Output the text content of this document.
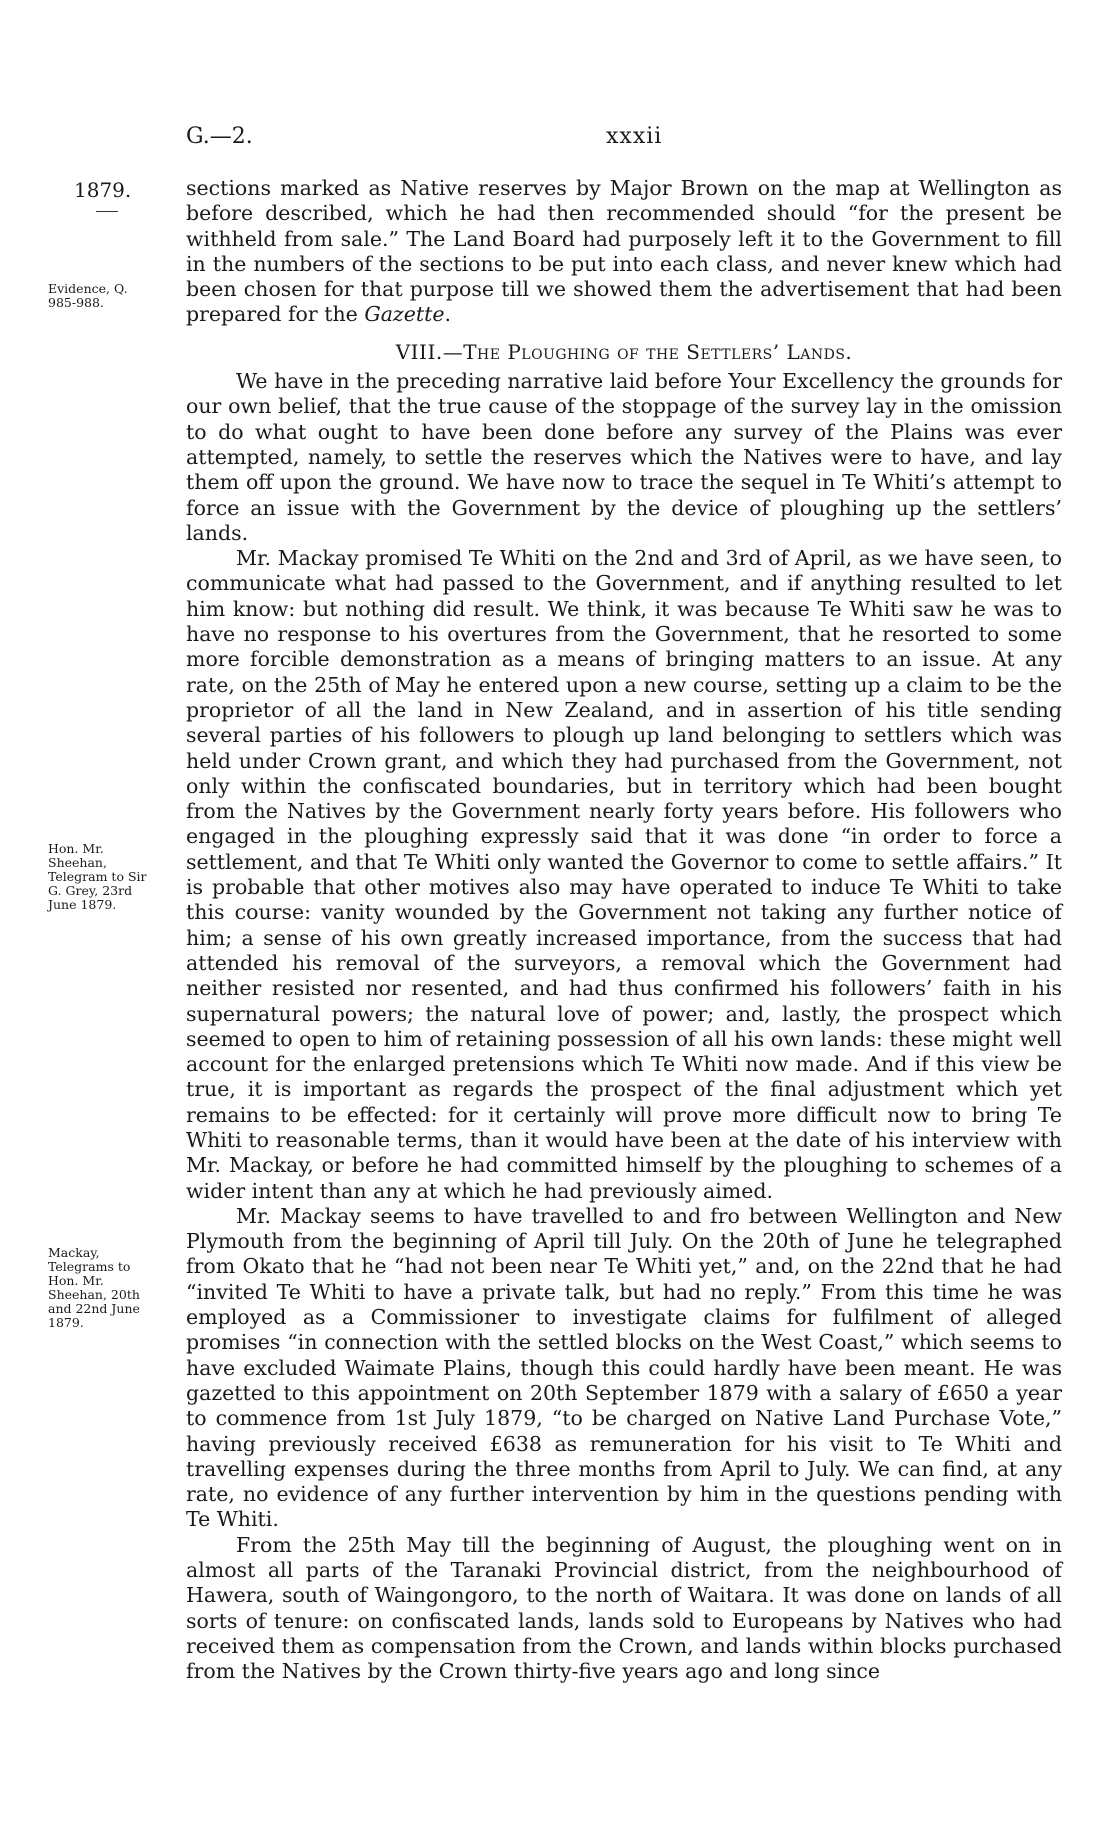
G.—2.	xxxii
1879.
Evidence, Q. 985-988.
Hon. Mr. Sheehan, Telegram to Sir G. Grey, 23rd June 1879.
Mackay, Telegrams to Hon. Mr. Sheehan, 20th and 22nd June 1879.

sections marked as Native reserves by Major Brown on the map at Wellington as before described, which he had then recommended should “for the present be withheld from sale.” The Land Board had purposely left it to the Government to fill in the numbers of the sections to be put into each class, and never knew which had been chosen for that purpose till we showed them the advertisement that had been prepared for the Gazette.

VIII.—The Ploughing of the Settlers’ Lands.

We have in the preceding narrative laid before Your Excellency the grounds for our own belief, that the true cause of the stoppage of the survey lay in the omission to do what ought to have been done before any survey of the Plains was ever attempted, namely, to settle the reserves which the Natives were to have, and lay them off upon the ground. We have now to trace the sequel in Te Whiti’s attempt to force an issue with the Government by the device of ploughing up the settlers’ lands.

Mr. Mackay promised Te Whiti on the 2nd and 3rd of April, as we have seen, to communicate what had passed to the Government, and if anything resulted to let him know: but nothing did result. We think, it was because Te Whiti saw he was to have no response to his overtures from the Government, that he resorted to some more forcible demonstration as a means of bringing matters to an issue. At any rate, on the 25th of May he entered upon a new course, setting up a claim to be the proprietor of all the land in New Zealand, and in assertion of his title sending several parties of his followers to plough up land belonging to settlers which was held under Crown grant, and which they had purchased from the Government, not only within the confiscated boundaries, but in territory which had been bought from the Natives by the Government nearly forty years before. His followers who engaged in the ploughing expressly said that it was done “in order to force a settlement, and that Te Whiti only wanted the Governor to come to settle affairs.” It is probable that other motives also may have operated to induce Te Whiti to take this course: vanity wounded by the Government not taking any further notice of him; a sense of his own greatly increased importance, from the success that had attended his removal of the surveyors, a removal which the Government had neither resisted nor resented, and had thus confirmed his followers’ faith in his supernatural powers; the natural love of power; and, lastly, the prospect which seemed to open to him of retaining possession of all his own lands: these might well account for the enlarged pretensions which Te Whiti now made. And if this view be true, it is important as regards the prospect of the final adjustment which yet remains to be effected: for it certainly will prove more difficult now to bring Te Whiti to reasonable terms, than it would have been at the date of his interview with Mr. Mackay, or before he had committed himself by the ploughing to schemes of a wider intent than any at which he had previously aimed.

Mr. Mackay seems to have travelled to and fro between Wellington and New Plymouth from the beginning of April till July. On the 20th of June he telegraphed from Okato that he “had not been near Te Whiti yet,” and, on the 22nd that he had “invited Te Whiti to have a private talk, but had no reply.” From this time he was employed as a Commissioner to investigate claims for fulfilment of alleged promises “in connection with the settled blocks on the West Coast,” which seems to have excluded Waimate Plains, though this could hardly have been meant. He was gazetted to this appointment on 20th September 1879 with a salary of £650 a year to commence from 1st July 1879, “to be charged on Native Land Purchase Vote,” having previously received £638 as remuneration for his visit to Te Whiti and travelling expenses during the three months from April to July. We can find, at any rate, no evidence of any further intervention by him in the questions pending with Te Whiti.

From the 25th May till the beginning of August, the ploughing went on in almost all parts of the Taranaki Provincial district, from the neighbourhood of Hawera, south of Waingongoro, to the north of Waitara. It was done on lands of all sorts of tenure: on confiscated lands, lands sold to Europeans by Natives who had received them as compensation from the Crown, and lands within blocks purchased from the Natives by the Crown thirty-five years ago and long since
